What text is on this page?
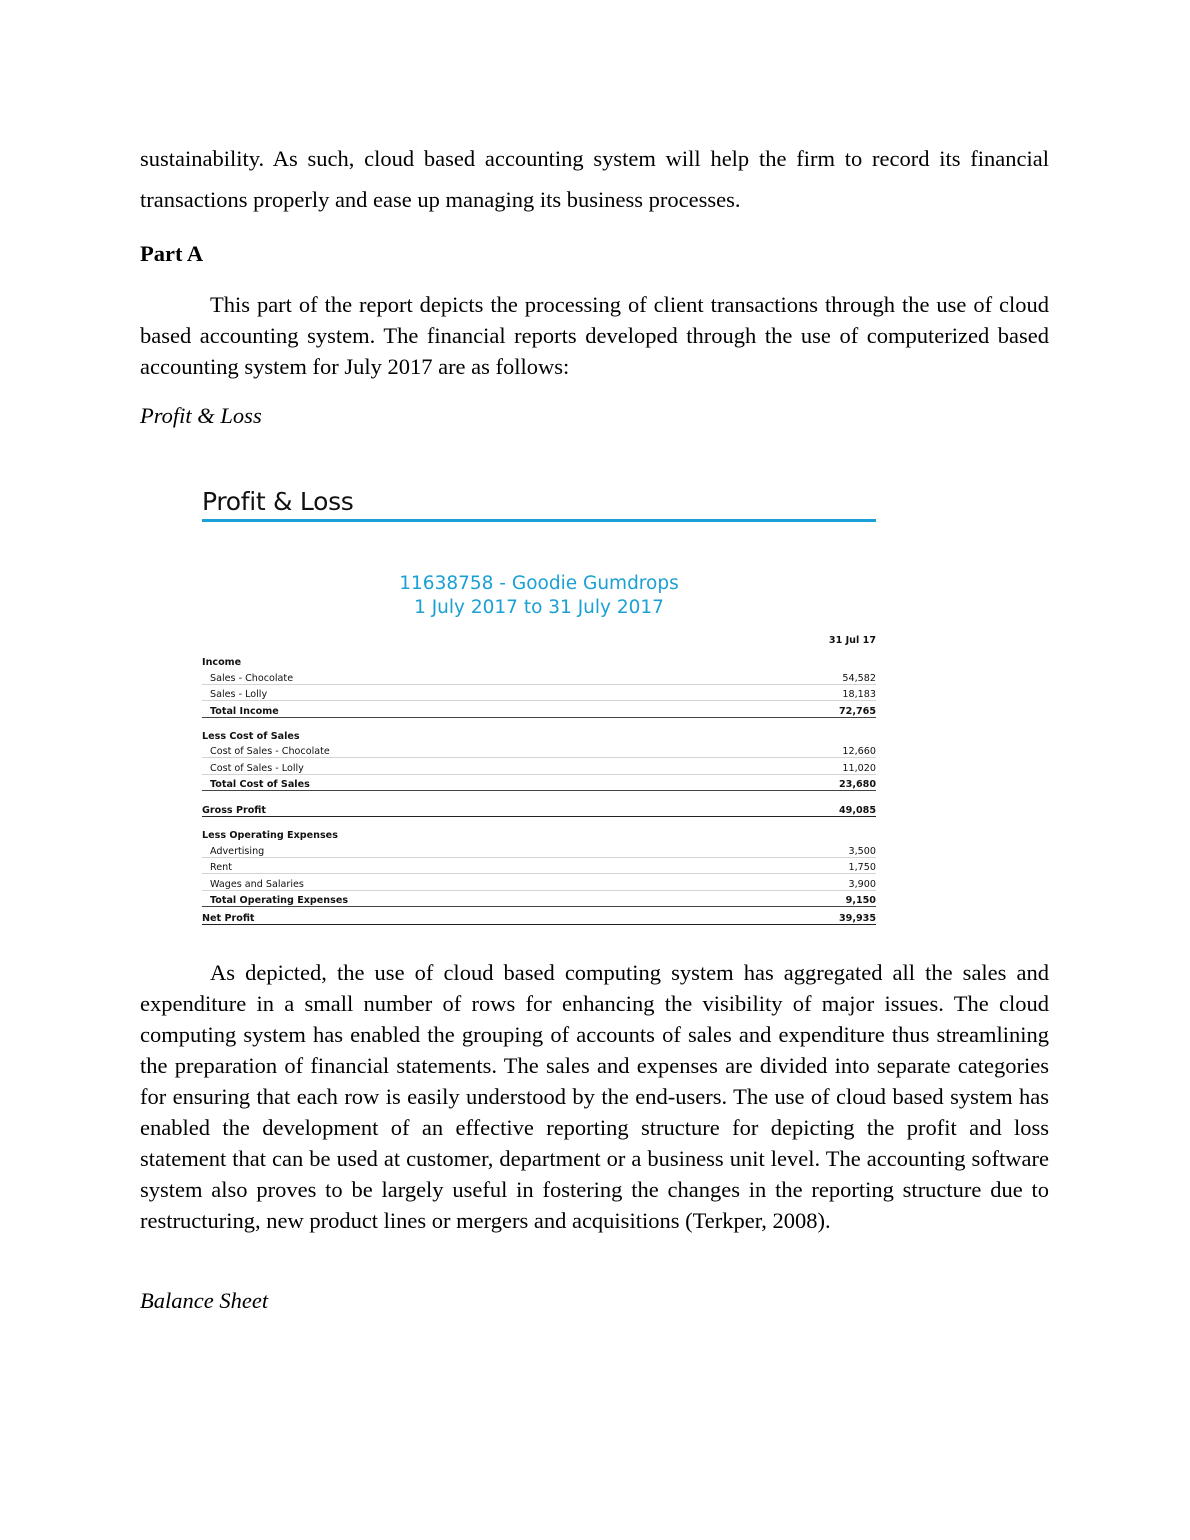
sustainability. As such, cloud based accounting system will help the firm to record its financial transactions properly and ease up managing its business processes.

Part A

This part of the report depicts the processing of client transactions through the use of cloud based accounting system. The financial reports developed through the use of computerized based accounting system for July 2017 are as follows:

Profit & Loss

Profit & Loss

11638758 - Goodie Gumdrops
1 July 2017 to 31 July 2017
	31 Jul 17
Income	
Sales - Chocolate	54,582
Sales - Lolly	18,183
Total Income	72,765

Less Cost of Sales	
Cost of Sales - Chocolate	12,660
Cost of Sales - Lolly	11,020
Total Cost of Sales	23,680

Gross Profit	49,085

Less Operating Expenses	
Advertising	3,500
Rent	1,750
Wages and Salaries	3,900
Total Operating Expenses	9,150
Net Profit	39,935

As depicted, the use of cloud based computing system has aggregated all the sales and expenditure in a small number of rows for enhancing the visibility of major issues. The cloud computing system has enabled the grouping of accounts of sales and expenditure thus streamlining the preparation of financial statements. The sales and expenses are divided into separate categories for ensuring that each row is easily understood by the end-users. The use of cloud based system has enabled the development of an effective reporting structure for depicting the profit and loss statement that can be used at customer, department or a business unit level. The accounting software system also proves to be largely useful in fostering the changes in the reporting structure due to restructuring, new product lines or mergers and acquisitions (Terkper, 2008).

Balance Sheet
